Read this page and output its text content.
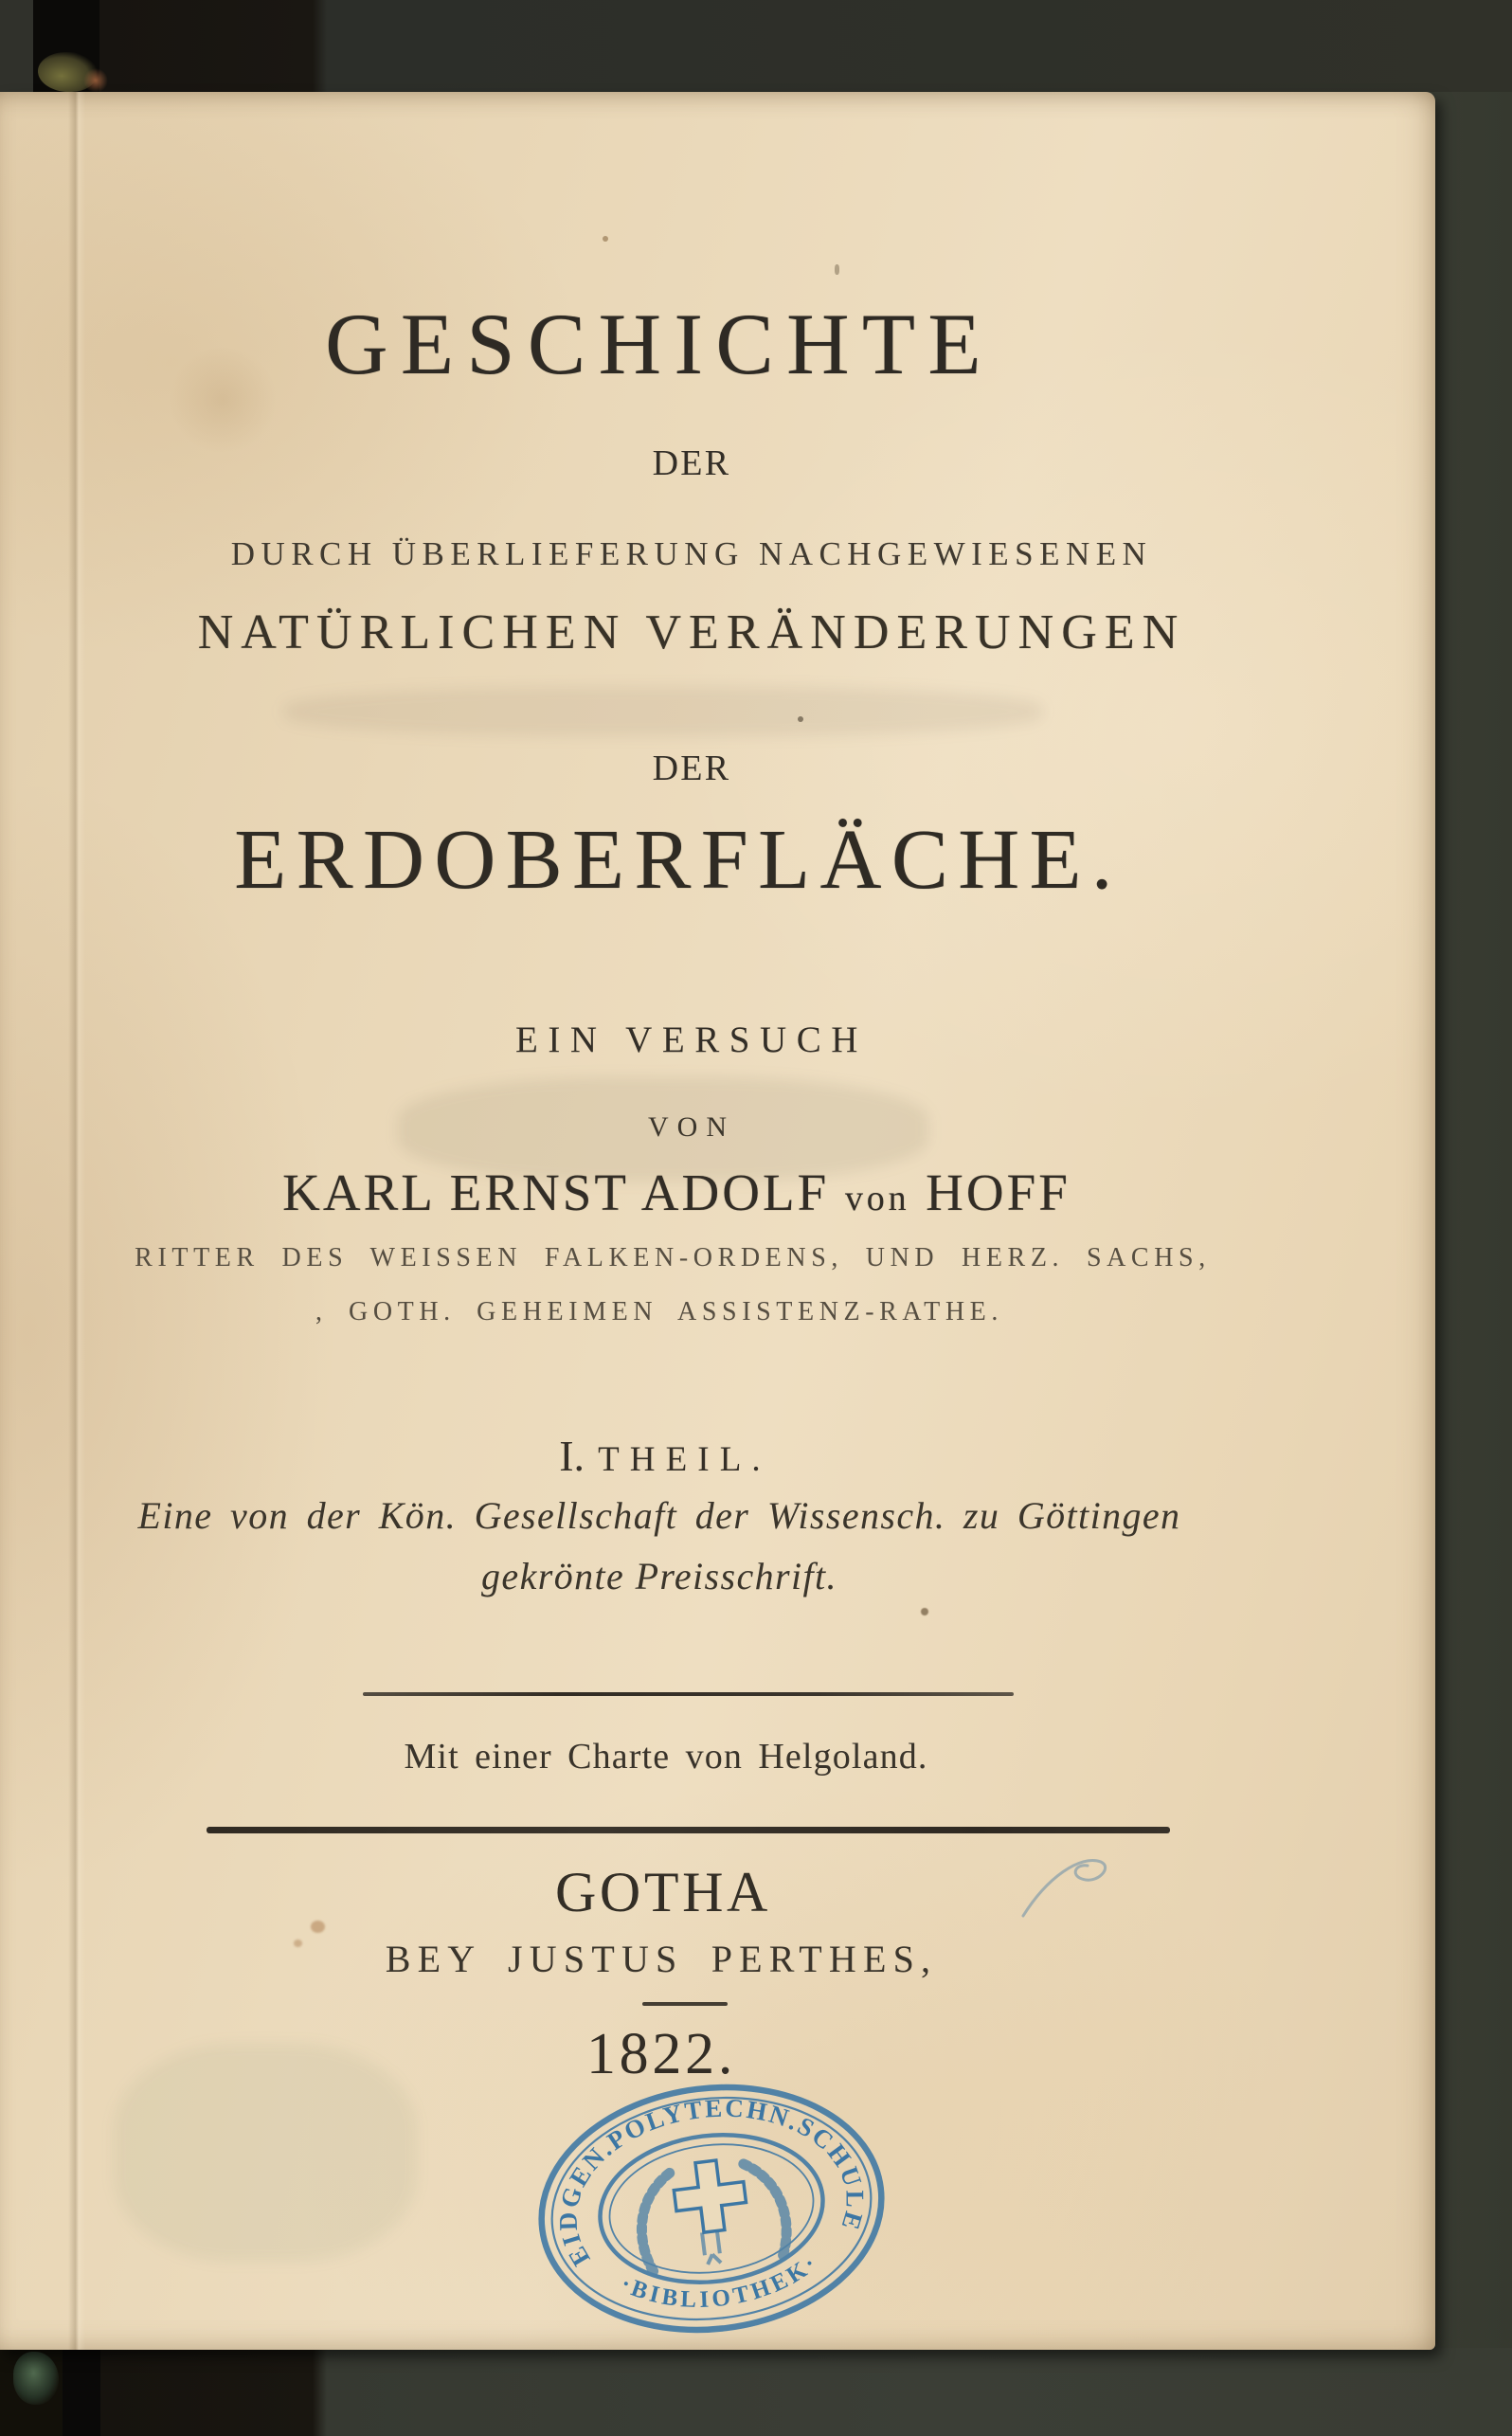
GESCHICHTE
DER
DURCH ÜBERLIEFERUNG NACHGEWIESENEN
NATÜRLICHEN VERÄNDERUNGEN
DER
ERDOBERFLÄCHE.
EIN VERSUCH
VON
KARL ERNST ADOLF von HOFF
RITTER DES WEISSEN FALKEN-ORDENS, UND HERZ. SACHS,
, GOTH. GEHEIMEN ASSISTENZ-RATHE.
I. THEIL.
Eine von der Kön. Gesellschaft der Wissensch. zu Göttingen
gekrönte Preisschrift.
Mit einer Charte von Helgoland.
GOTHA
BEY JUSTUS PERTHES,
1822.
EIDGEN.POLYTECHN.SCHULE
·BIBLIOTHEK·
